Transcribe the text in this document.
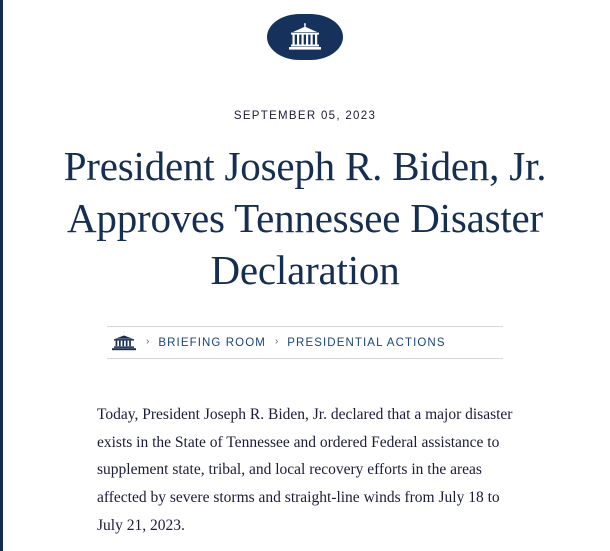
SEPTEMBER 05, 2023
President Joseph R. Biden, Jr. Approves Tennessee Disaster Declaration
› BRIEFING ROOM › PRESIDENTIAL ACTIONS

Today, President Joseph R. Biden, Jr. declared that a major disaster exists in the State of Tennessee and ordered Federal assistance to supplement state, tribal, and local recovery efforts in the areas affected by severe storms and straight-line winds from July 18 to July 21, 2023.
